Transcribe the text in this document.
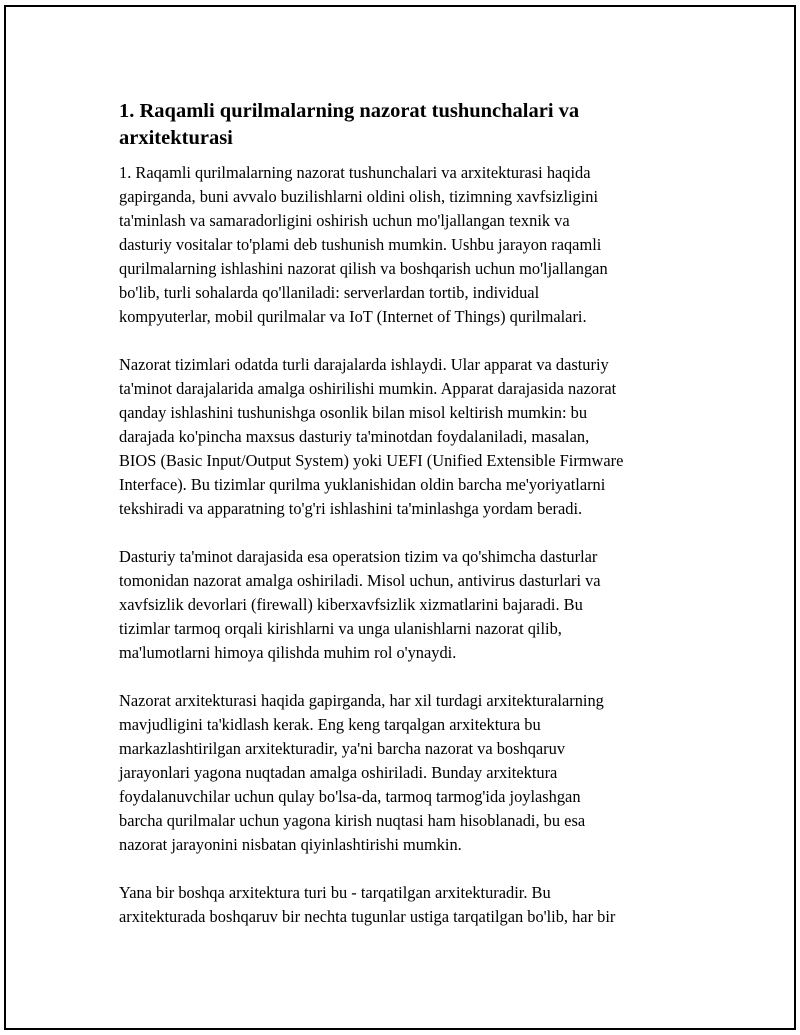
1. Raqamli qurilmalarning nazorat tushunchalari va
arxitekturasi

1. Raqamli qurilmalarning nazorat tushunchalari va arxitekturasi haqida
gapirganda, buni avvalo buzilishlarni oldini olish, tizimning xavfsizligini
ta'minlash va samaradorligini oshirish uchun mo'ljallangan texnik va
dasturiy vositalar to'plami deb tushunish mumkin. Ushbu jarayon raqamli
qurilmalarning ishlashini nazorat qilish va boshqarish uchun mo'ljallangan
bo'lib, turli sohalarda qo'llaniladi: serverlardan tortib, individual
kompyuterlar, mobil qurilmalar va IoT (Internet of Things) qurilmalari.

Nazorat tizimlari odatda turli darajalarda ishlaydi. Ular apparat va dasturiy
ta'minot darajalarida amalga oshirilishi mumkin. Apparat darajasida nazorat
qanday ishlashini tushunishga osonlik bilan misol keltirish mumkin: bu
darajada ko'pincha maxsus dasturiy ta'minotdan foydalaniladi, masalan,
BIOS (Basic Input/Output System) yoki UEFI (Unified Extensible Firmware
Interface). Bu tizimlar qurilma yuklanishidan oldin barcha me'yoriyatlarni
tekshiradi va apparatning to'g'ri ishlashini ta'minlashga yordam beradi.

Dasturiy ta'minot darajasida esa operatsion tizim va qo'shimcha dasturlar
tomonidan nazorat amalga oshiriladi. Misol uchun, antivirus dasturlari va
xavfsizlik devorlari (firewall) kiberxavfsizlik xizmatlarini bajaradi. Bu
tizimlar tarmoq orqali kirishlarni va unga ulanishlarni nazorat qilib,
ma'lumotlarni himoya qilishda muhim rol o'ynaydi.

Nazorat arxitekturasi haqida gapirganda, har xil turdagi arxitekturalarning
mavjudligini ta'kidlash kerak. Eng keng tarqalgan arxitektura bu
markazlashtirilgan arxitekturadir, ya'ni barcha nazorat va boshqaruv
jarayonlari yagona nuqtadan amalga oshiriladi. Bunday arxitektura
foydalanuvchilar uchun qulay bo'lsa-da, tarmoq tarmog'ida joylashgan
barcha qurilmalar uchun yagona kirish nuqtasi ham hisoblanadi, bu esa
nazorat jarayonini nisbatan qiyinlashtirishi mumkin.

Yana bir boshqa arxitektura turi bu - tarqatilgan arxitekturadir. Bu
arxitekturada boshqaruv bir nechta tugunlar ustiga tarqatilgan bo'lib, har bir
